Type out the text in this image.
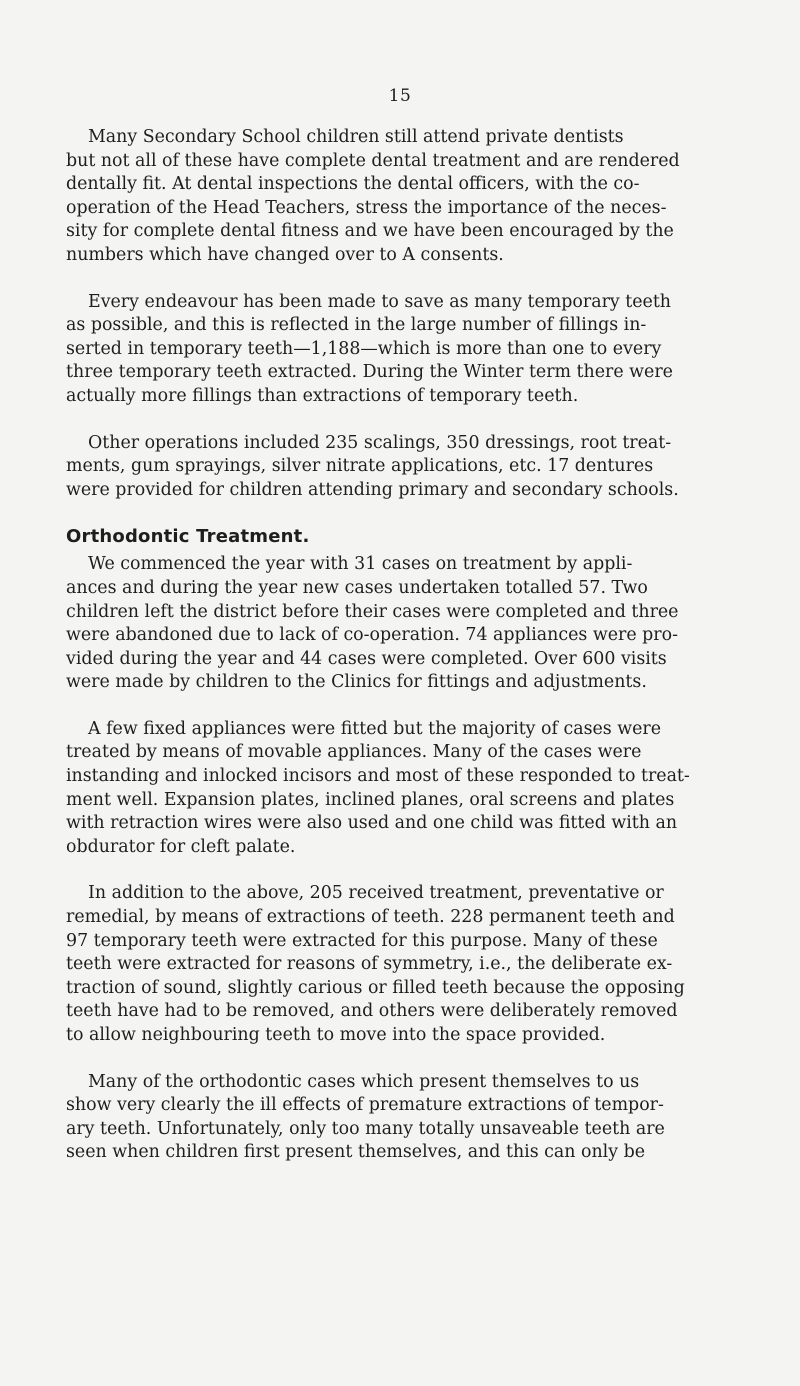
15

Many Secondary School children still attend private dentists
but not all of these have complete dental treatment and are rendered
dentally fit. At dental inspections the dental officers, with the co-
operation of the Head Teachers, stress the importance of the neces-
sity for complete dental fitness and we have been encouraged by the
numbers which have changed over to A consents.

Every endeavour has been made to save as many temporary teeth
as possible, and this is reflected in the large number of fillings in-
serted in temporary teeth—1,188—which is more than one to every
three temporary teeth extracted. During the Winter term there were
actually more fillings than extractions of temporary teeth.

Other operations included 235 scalings, 350 dressings, root treat-
ments, gum sprayings, silver nitrate applications, etc. 17 dentures
were provided for children attending primary and secondary schools.

Orthodontic Treatment.

We commenced the year with 31 cases on treatment by appli-
ances and during the year new cases undertaken totalled 57. Two
children left the district before their cases were completed and three
were abandoned due to lack of co-operation. 74 appliances were pro-
vided during the year and 44 cases were completed. Over 600 visits
were made by children to the Clinics for fittings and adjustments.

A few fixed appliances were fitted but the majority of cases were
treated by means of movable appliances. Many of the cases were
instanding and inlocked incisors and most of these responded to treat-
ment well. Expansion plates, inclined planes, oral screens and plates
with retraction wires were also used and one child was fitted with an
obdurator for cleft palate.

In addition to the above, 205 received treatment, preventative or
remedial, by means of extractions of teeth. 228 permanent teeth and
97 temporary teeth were extracted for this purpose. Many of these
teeth were extracted for reasons of symmetry, i.e., the deliberate ex-
traction of sound, slightly carious or filled teeth because the opposing
teeth have had to be removed, and others were deliberately removed
to allow neighbouring teeth to move into the space provided.

Many of the orthodontic cases which present themselves to us
show very clearly the ill effects of premature extractions of tempor-
ary teeth. Unfortunately, only too many totally unsaveable teeth are
seen when children first present themselves, and this can only be
